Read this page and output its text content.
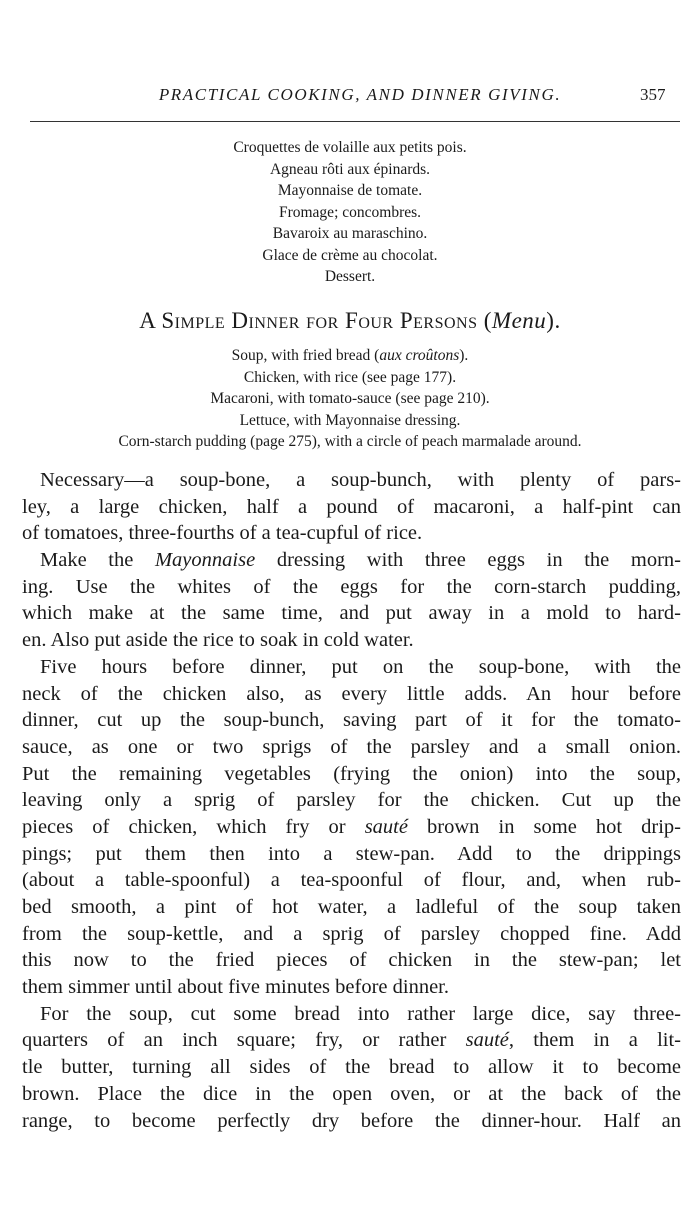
PRACTICAL COOKING, AND DINNER GIVING.	357
Croquettes de volaille aux petits pois.
Agneau rôti aux épinards.
Mayonnaise de tomate.
Fromage; concombres.
Bavaroix au maraschino.
Glace de crème au chocolat.
Dessert.
A Simple Dinner for Four Persons (Menu).
Soup, with fried bread (aux croûtons).
Chicken, with rice (see page 177).
Macaroni, with tomato-sauce (see page 210).
Lettuce, with Mayonnaise dressing.
Corn-starch pudding (page 275), with a circle of peach marmalade around.
Necessary—a soup-bone, a soup-bunch, with plenty of pars-
ley, a large chicken, half a pound of macaroni, a half-pint can
of tomatoes, three-fourths of a tea-cupful of rice.
Make the Mayonnaise dressing with three eggs in the morn-
ing. Use the whites of the eggs for the corn-starch pudding,
which make at the same time, and put away in a mold to hard-
en. Also put aside the rice to soak in cold water.
Five hours before dinner, put on the soup-bone, with the
neck of the chicken also, as every little adds. An hour before
dinner, cut up the soup-bunch, saving part of it for the tomato-
sauce, as one or two sprigs of the parsley and a small onion.
Put the remaining vegetables (frying the onion) into the soup,
leaving only a sprig of parsley for the chicken. Cut up the
pieces of chicken, which fry or sauté brown in some hot drip-
pings; put them then into a stew-pan. Add to the drippings
(about a table-spoonful) a tea-spoonful of flour, and, when rub-
bed smooth, a pint of hot water, a ladleful of the soup taken
from the soup-kettle, and a sprig of parsley chopped fine. Add
this now to the fried pieces of chicken in the stew-pan; let
them simmer until about five minutes before dinner.
For the soup, cut some bread into rather large dice, say three-
quarters of an inch square; fry, or rather sauté, them in a lit-
tle butter, turning all sides of the bread to allow it to become
brown. Place the dice in the open oven, or at the back of the
range, to become perfectly dry before the dinner-hour. Half an
